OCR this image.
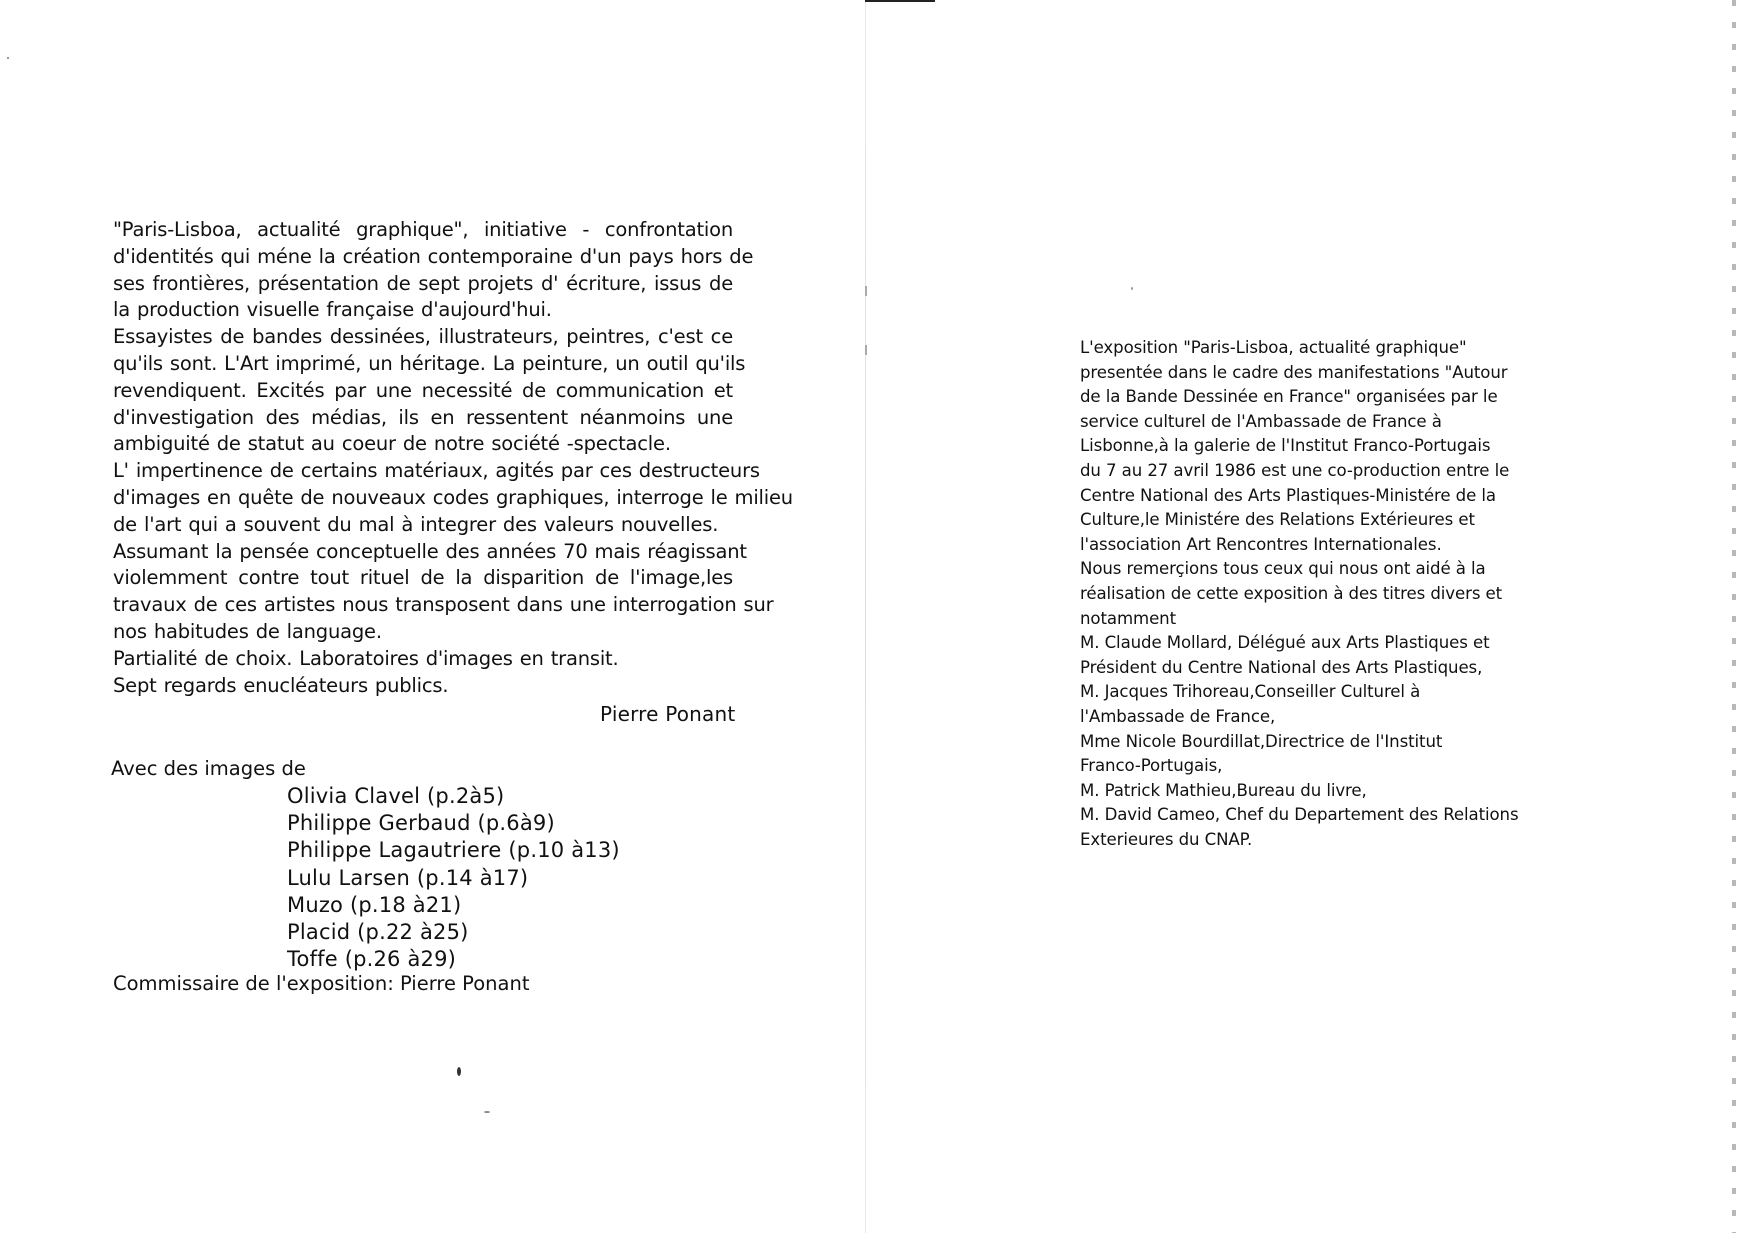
"Paris-Lisboa, actualité graphique", initiative - confrontation
d'identités qui méne la création contemporaine d'un pays hors de
ses frontières, présentation de sept projets d' écriture, issus de
la production visuelle française d'aujourd'hui.
Essayistes de bandes dessinées, illustrateurs, peintres, c'est ce
qu'ils sont. L'Art imprimé, un héritage. La peinture, un outil qu'ils
revendiquent. Excités par une necessité de communication et
d'investigation des médias, ils en ressentent néanmoins une
ambiguité de statut au coeur de notre société -spectacle.
L' impertinence de certains matériaux, agités par ces destructeurs
d'images en quête de nouveaux codes graphiques, interroge le milieu
de l'art qui a souvent du mal à integrer des valeurs nouvelles.
Assumant la pensée conceptuelle des années 70 mais réagissant
violemment contre tout rituel de la disparition de l'image,les
travaux de ces artistes nous transposent dans une interrogation sur
nos habitudes de language.
Partialité de choix. Laboratoires d'images en transit.
Sept regards enucléateurs publics.
Pierre Ponant
Avec des images de
Olivia Clavel (p.2à5)
Philippe Gerbaud (p.6à9)
Philippe Lagautriere (p.10 à13)
Lulu Larsen (p.14 à17)
Muzo (p.18 à21)
Placid (p.22 à25)
Toffe (p.26 à29)
Commissaire de l'exposition: Pierre Ponant
L'exposition "Paris-Lisboa, actualité graphique"
presentée dans le cadre des manifestations "Autour
de la Bande Dessinée en France" organisées par le
service culturel de l'Ambassade de France à
Lisbonne,à la galerie de l'Institut Franco-Portugais
du 7 au 27 avril 1986 est une co-production entre le
Centre National des Arts Plastiques-Ministére de la
Culture,le Ministére des Relations Extérieures et
l'association Art Rencontres Internationales.
Nous remerçions tous ceux qui nous ont aidé à la
réalisation de cette exposition à des titres divers et
notamment
M. Claude Mollard, Délégué aux Arts Plastiques et
Président du Centre National des Arts Plastiques,
M. Jacques Trihoreau,Conseiller Culturel à
l'Ambassade de France,
Mme Nicole Bourdillat,Directrice de l'Institut
Franco-Portugais,
M. Patrick Mathieu,Bureau du livre,
M. David Cameo, Chef du Departement des Relations
Exterieures du CNAP.
